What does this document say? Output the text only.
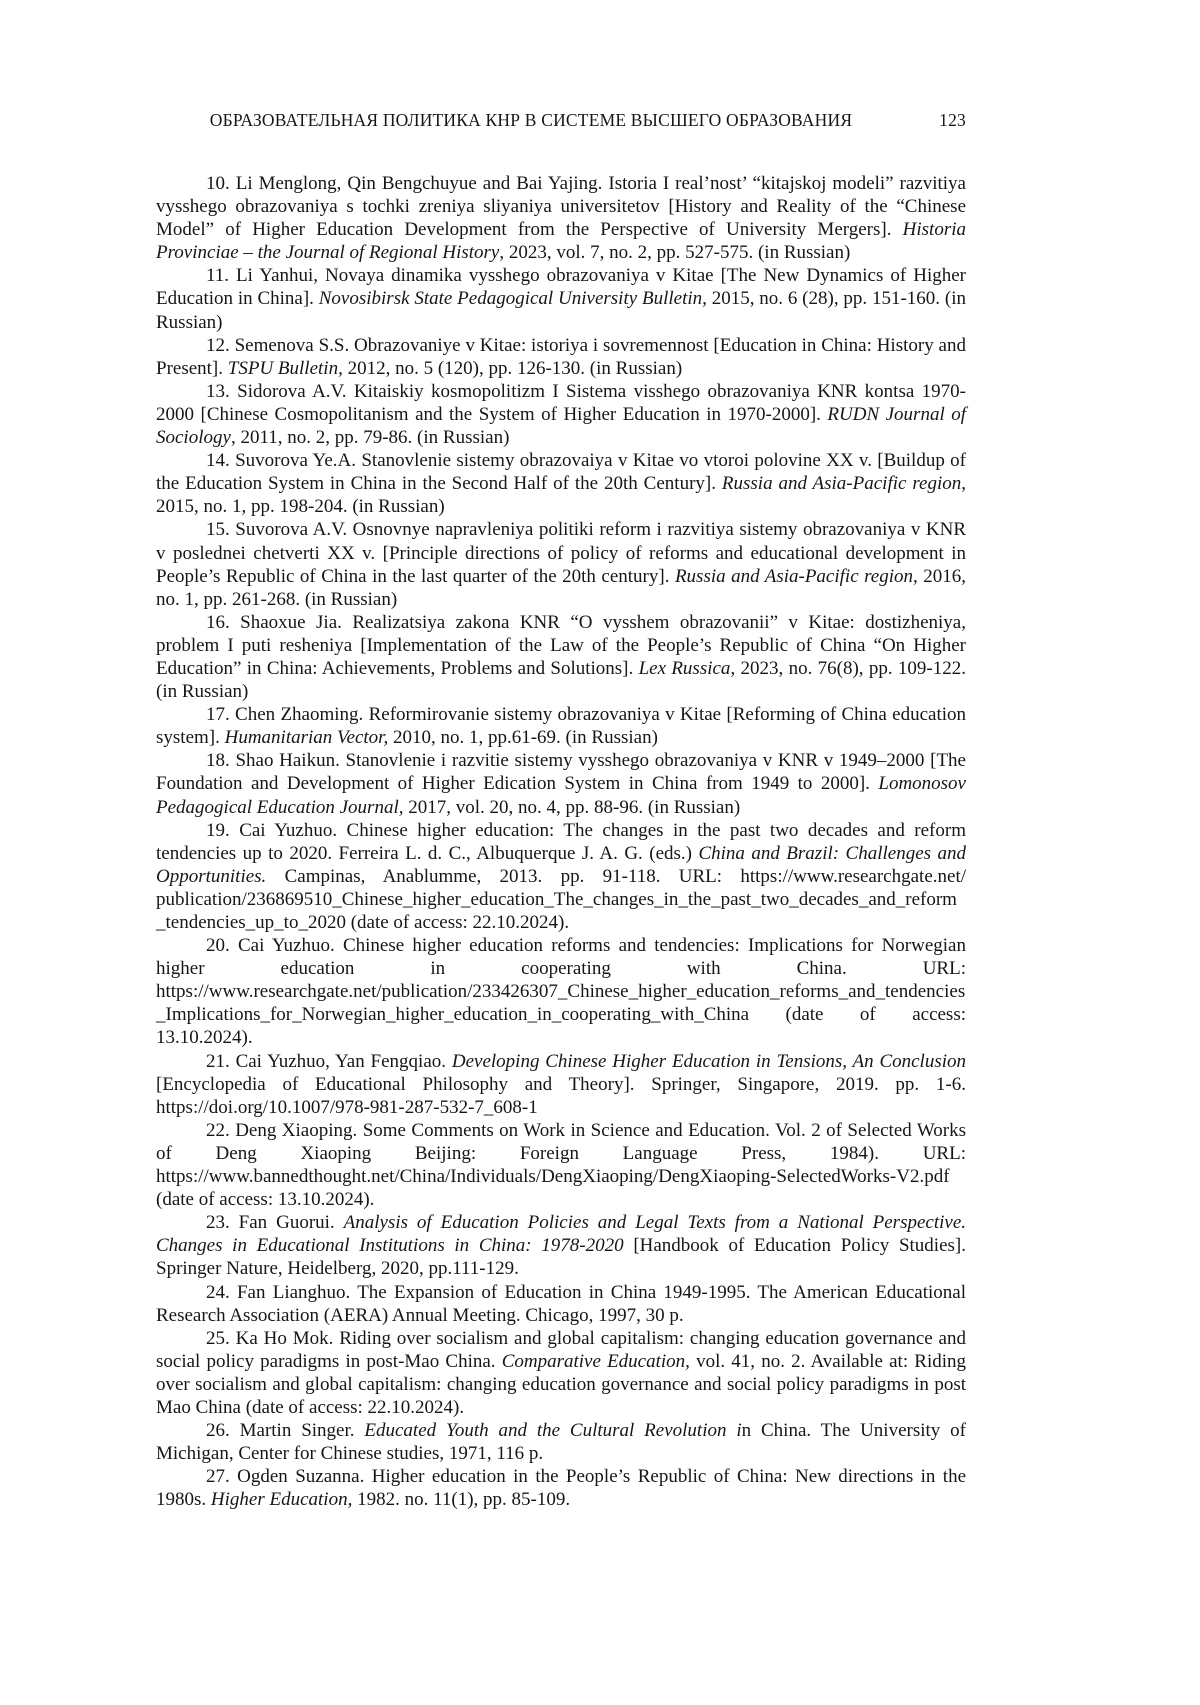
ОБРАЗОВАТЕЛЬНАЯ ПОЛИТИКА КНР В СИСТЕМЕ ВЫСШЕГО ОБРАЗОВАНИЯ	123

10. Li Menglong, Qin Bengchuyue and Bai Yajing. Istoria I real’nost’ “kitajskoj modeli” razvitiya vysshego obrazovaniya s tochki zreniya sliyaniya universitetov [History and Reality of the “Chinese Model” of Higher Education Development from the Perspective of University Mergers]. Historia Provinciae – the Journal of Regional History, 2023, vol. 7, no. 2, pp. 527-575. (in Russian)

11. Li Yanhui, Novaya dinamika vysshego obrazovaniya v Kitae [The New Dynamics of Higher Education in China]. Novosibirsk State Pedagogical University Bulletin, 2015, no. 6 (28), pp. 151-160. (in Russian)

12. Semenova S.S. Obrazovaniye v Kitae: istoriya i sovremennost [Education in China: History and Present]. TSPU Bulletin, 2012, no. 5 (120), pp. 126-130. (in Russian)

13. Sidorova A.V. Kitaiskiy kosmopolitizm I Sistema visshego obrazovaniya KNR kontsa 1970-2000 [Chinese Cosmopolitanism and the System of Higher Education in 1970-2000]. RUDN Journal of Sociology, 2011, no. 2, pp. 79-86. (in Russian)

14. Suvorova Ye.A. Stanovlenie sistemy obrazovaiya v Kitae vo vtoroi polovine XX v. [Buildup of the Education System in China in the Second Half of the 20th Century]. Russia and Asia-Pacific region, 2015, no. 1, pp. 198-204. (in Russian)

15. Suvorova A.V. Osnovnye napravleniya politiki reform i razvitiya sistemy obrazovaniya v KNR v poslednei chetverti XX v. [Principle directions of policy of reforms and educational development in People’s Republic of China in the last quarter of the 20th century]. Russia and Asia-Pacific region, 2016, no. 1, pp. 261-268. (in Russian)

16. Shaoxue Jia. Realizatsiya zakona KNR “O vysshem obrazovanii” v Kitae: dostizheniya, problem I puti resheniya [Implementation of the Law of the People’s Republic of China “On Higher Education” in China: Achievements, Problems and Solutions]. Lex Russica, 2023, no. 76(8), pp. 109-122. (in Russian)

17. Chen Zhaoming. Reformirovanie sistemy obrazovaniya v Kitae [Reforming of China education system]. Humanitarian Vector, 2010, no. 1, pp.61-69. (in Russian)

18. Shao Haikun. Stanovlenie i razvitie sistemy vysshego obrazovaniya v KNR v 1949–2000 [The Foundation and Development of Higher Edication System in China from 1949 to 2000]. Lomonosov Pedagogical Education Journal, 2017, vol. 20, no. 4, pp. 88-96. (in Russian)

19. Cai Yuzhuo. Chinese higher education: The changes in the past two decades and reform tendencies up to 2020. Ferreira L. d. C., Albuquerque J. A. G. (eds.) China and Brazil: Challenges and Opportunities. Campinas, Anablumme, 2013. pp. 91-118. URL: https://www.researchgate.net/ publication/236869510_Chinese_higher_education_The_changes_in_the_past_two_decades_and_reform_tendencies_up_to_2020 (date of access: 22.10.2024).

20. Cai Yuzhuo. Chinese higher education reforms and tendencies: Implications for Norwegian higher education in cooperating with China. URL: https://www.researchgate.net/publication/233426307_Chinese_higher_education_reforms_and_tendencies_Implications_for_Norwegian_higher_education_in_cooperating_with_China (date of access: 13.10.2024).

21. Cai Yuzhuo, Yan Fengqiao. Developing Chinese Higher Education in Tensions, An Conclusion [Encyclopedia of Educational Philosophy and Theory]. Springer, Singapore, 2019. pp. 1-6. https://doi.org/10.1007/978-981-287-532-7_608-1

22. Deng Xiaoping. Some Comments on Work in Science and Education. Vol. 2 of Selected Works of Deng Xiaoping Beijing: Foreign Language Press, 1984). URL: https://www.bannedthought.net/China/Individuals/DengXiaoping/DengXiaoping-SelectedWorks-V2.pdf (date of access: 13.10.2024).

23. Fan Guorui. Analysis of Education Policies and Legal Texts from a National Perspective. Changes in Educational Institutions in China: 1978-2020 [Handbook of Education Policy Studies]. Springer Nature, Heidelberg, 2020, pp.111-129.

24. Fan Lianghuo. The Expansion of Education in China 1949-1995. The American Educational Research Association (AERA) Annual Meeting. Chicago, 1997, 30 p.

25. Ka Ho Mok. Riding over socialism and global capitalism: changing education governance and social policy paradigms in post-Mao China. Comparative Education, vol. 41, no. 2. Available at: Riding over socialism and global capitalism: changing education governance and social policy paradigms in post Mao China (date of access: 22.10.2024).

26. Martin Singer. Educated Youth and the Cultural Revolution in China. The University of Michigan, Center for Chinese studies, 1971, 116 p.

27. Ogden Suzanna. Higher education in the People’s Republic of China: New directions in the 1980s. Higher Education, 1982. no. 11(1), pp. 85-109.
